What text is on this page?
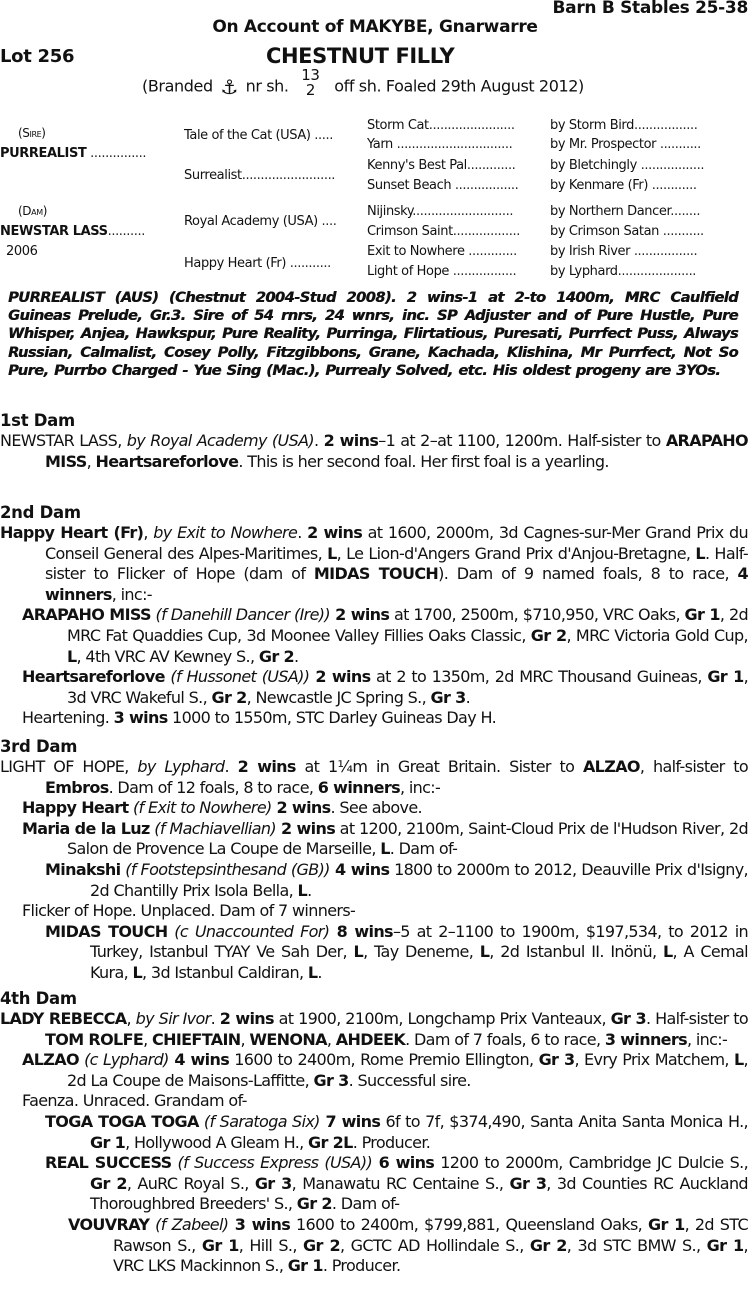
Barn B Stables 25-38
On Account of MAKYBE, Gnarwarre
Lot 256	CHESTNUT FILLY
(Branded ⚓ nr sh.
13
2 off sh. Foaled 29th August 2012)
(Sire)
PURREALIST ...............
(Dam)
NEWSTAR LASS..........
2006
Tale of the Cat (USA) .....
Surrealist.........................
Royal Academy (USA) ....
Happy Heart (Fr) ...........
Storm Cat.......................
Yarn ...............................
Kenny's Best Pal.............
Sunset Beach .................
Nijinsky...........................
Crimson Saint..................
Exit to Nowhere .............
Light of Hope .................
by Storm Bird.................
by Mr. Prospector ...........
by Bletchingly .................
by Kenmare (Fr) ............
by Northern Dancer........
by Crimson Satan ...........
by Irish River .................
by Lyphard.....................
PURREALIST (AUS) (Chestnut 2004-Stud 2008). 2 wins-1 at 2-to 1400m, MRC Caulfield Guineas Prelude, Gr.3. Sire of 54 rnrs, 24 wnrs, inc. SP Adjuster and of Pure Hustle, Pure Whisper, Anjea, Hawkspur, Pure Reality, Purringa, Flirtatious, Puresati, Purrfect Puss, Always Russian, Calmalist, Cosey Polly, Fitzgibbons, Grane, Kachada, Klishina, Mr Purrfect, Not So Pure, Purrbo Charged - Yue Sing (Mac.), Purrealy Solved, etc. His oldest progeny are 3YOs.
1st Dam
NEWSTAR LASS, by Royal Academy (USA). 2 wins–1 at 2–at 1100, 1200m. Half-sister to ARAPAHO MISS, Heartsareforlove. This is her second foal. Her first foal is a yearling.
2nd Dam
Happy Heart (Fr), by Exit to Nowhere. 2 wins at 1600, 2000m, 3d Cagnes-sur-Mer Grand Prix du Conseil General des Alpes-Maritimes, L, Le Lion-d'Angers Grand Prix d'Anjou-Bretagne, L. Half-sister to Flicker of Hope (dam of MIDAS TOUCH). Dam of 9 named foals, 8 to race, 4 winners, inc:-
ARAPAHO MISS (f Danehill Dancer (Ire)) 2 wins at 1700, 2500m, $710,950, VRC Oaks, Gr 1, 2d MRC Fat Quaddies Cup, 3d Moonee Valley Fillies Oaks Classic, Gr 2, MRC Victoria Gold Cup, L, 4th VRC AV Kewney S., Gr 2.
Heartsareforlove (f Hussonet (USA)) 2 wins at 2 to 1350m, 2d MRC Thousand Guineas, Gr 1, 3d VRC Wakeful S., Gr 2, Newcastle JC Spring S., Gr 3.
Heartening. 3 wins 1000 to 1550m, STC Darley Guineas Day H.
3rd Dam
LIGHT OF HOPE, by Lyphard. 2 wins at 1¼m in Great Britain. Sister to ALZAO, half-sister to Embros. Dam of 12 foals, 8 to race, 6 winners, inc:-
Happy Heart (f Exit to Nowhere) 2 wins. See above.
Maria de la Luz (f Machiavellian) 2 wins at 1200, 2100m, Saint-Cloud Prix de l'Hudson River, 2d Salon de Provence La Coupe de Marseille, L. Dam of-
Minakshi (f Footstepsinthesand (GB)) 4 wins 1800 to 2000m to 2012, Deauville Prix d'Isigny, 2d Chantilly Prix Isola Bella, L.
Flicker of Hope. Unplaced. Dam of 7 winners-
MIDAS TOUCH (c Unaccounted For) 8 wins–5 at 2–1100 to 1900m, $197,534, to 2012 in Turkey, Istanbul TYAY Ve Sah Der, L, Tay Deneme, L, 2d Istanbul II. Inönü, L, A Cemal Kura, L, 3d Istanbul Caldiran, L.
4th Dam
LADY REBECCA, by Sir Ivor. 2 wins at 1900, 2100m, Longchamp Prix Vanteaux, Gr 3. Half-sister to TOM ROLFE, CHIEFTAIN, WENONA, AHDEEK. Dam of 7 foals, 6 to race, 3 winners, inc:-
ALZAO (c Lyphard) 4 wins 1600 to 2400m, Rome Premio Ellington, Gr 3, Evry Prix Matchem, L, 2d La Coupe de Maisons-Laffitte, Gr 3. Successful sire.
Faenza. Unraced. Grandam of-
TOGA TOGA TOGA (f Saratoga Six) 7 wins 6f to 7f, $374,490, Santa Anita Santa Monica H., Gr 1, Hollywood A Gleam H., Gr 2L. Producer.
REAL SUCCESS (f Success Express (USA)) 6 wins 1200 to 2000m, Cambridge JC Dulcie S., Gr 2, AuRC Royal S., Gr 3, Manawatu RC Centaine S., Gr 3, 3d Counties RC Auckland Thoroughbred Breeders' S., Gr 2. Dam of-
VOUVRAY (f Zabeel) 3 wins 1600 to 2400m, $799,881, Queensland Oaks, Gr 1, 2d STC Rawson S., Gr 1, Hill S., Gr 2, GCTC AD Hollindale S., Gr 2, 3d STC BMW S., Gr 1, VRC LKS Mackinnon S., Gr 1. Producer.
